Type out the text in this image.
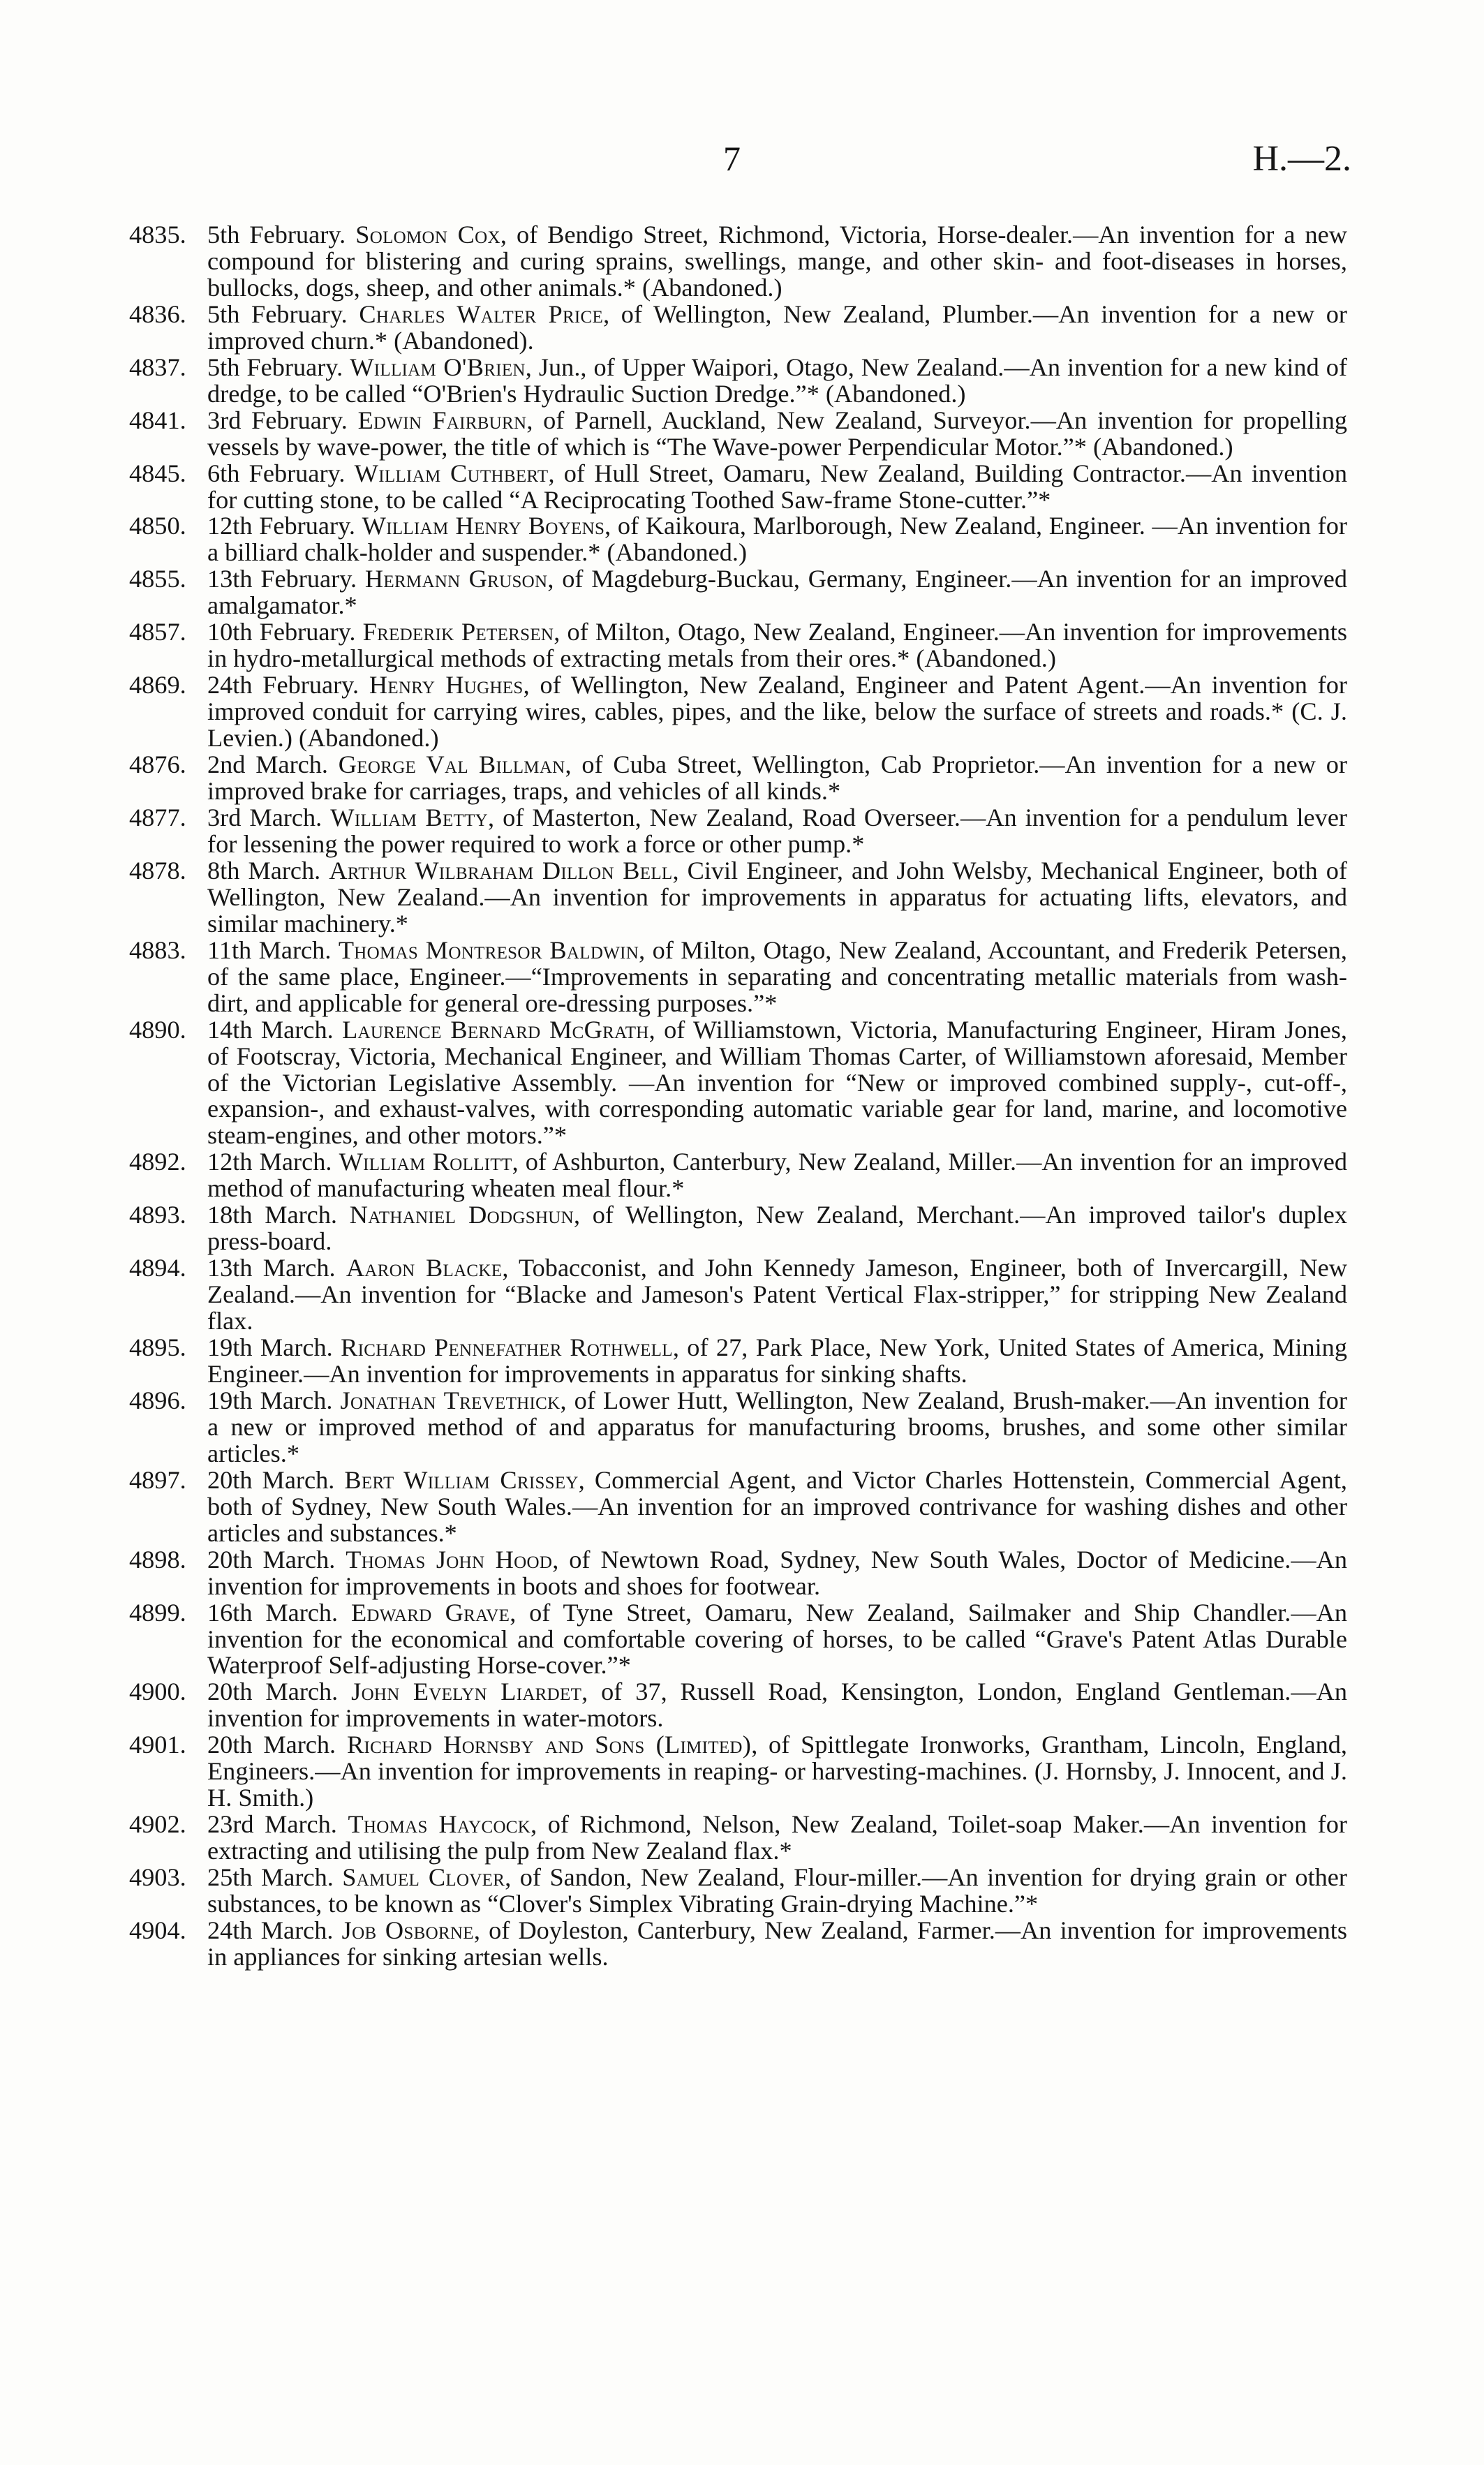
7	H.—2.
4835. 5th February. Solomon Cox, of Bendigo Street, Richmond, Victoria, Horse-dealer.—An invention for a new compound for blistering and curing sprains, swellings, mange, and other skin- and foot-diseases in horses, bullocks, dogs, sheep, and other animals.* (Abandoned.)
4836. 5th February. Charles Walter Price, of Wellington, New Zealand, Plumber.—An invention for a new or improved churn.* (Abandoned).
4837. 5th February. William O'Brien, Jun., of Upper Waipori, Otago, New Zealand.—An invention for a new kind of dredge, to be called “O'Brien's Hydraulic Suction Dredge.”* (Abandoned.)
4841. 3rd February. Edwin Fairburn, of Parnell, Auckland, New Zealand, Surveyor.—An invention for propelling vessels by wave-power, the title of which is “The Wave-power Perpendicular Motor.”* (Abandoned.)
4845. 6th February. William Cuthbert, of Hull Street, Oamaru, New Zealand, Building Contractor.—An invention for cutting stone, to be called “A Reciprocating Toothed Saw-frame Stone-cutter.”*
4850. 12th February. William Henry Boyens, of Kaikoura, Marlborough, New Zealand, Engineer. —An invention for a billiard chalk-holder and suspender.* (Abandoned.)
4855. 13th February. Hermann Gruson, of Magdeburg-Buckau, Germany, Engineer.—An invention for an improved amalgamator.*
4857. 10th February. Frederik Petersen, of Milton, Otago, New Zealand, Engineer.—An invention for improvements in hydro-metallurgical methods of extracting metals from their ores.* (Abandoned.)
4869. 24th February. Henry Hughes, of Wellington, New Zealand, Engineer and Patent Agent.—An invention for improved conduit for carrying wires, cables, pipes, and the like, below the surface of streets and roads.* (C. J. Levien.) (Abandoned.)
4876. 2nd March. George Val Billman, of Cuba Street, Wellington, Cab Proprietor.—An invention for a new or improved brake for carriages, traps, and vehicles of all kinds.*
4877. 3rd March. William Betty, of Masterton, New Zealand, Road Overseer.—An invention for a pendulum lever for lessening the power required to work a force or other pump.*
4878. 8th March. Arthur Wilbraham Dillon Bell, Civil Engineer, and John Welsby, Mechanical Engineer, both of Wellington, New Zealand.—An invention for improvements in apparatus for actuating lifts, elevators, and similar machinery.*
4883. 11th March. Thomas Montresor Baldwin, of Milton, Otago, New Zealand, Accountant, and Frederik Petersen, of the same place, Engineer.—“Improvements in separating and concentrating metallic materials from wash-dirt, and applicable for general ore-dressing purposes.”*
4890. 14th March. Laurence Bernard McGrath, of Williamstown, Victoria, Manufacturing Engineer, Hiram Jones, of Footscray, Victoria, Mechanical Engineer, and William Thomas Carter, of Williamstown aforesaid, Member of the Victorian Legislative Assembly. —An invention for “New or improved combined supply-, cut-off-, expansion-, and exhaust-valves, with corresponding automatic variable gear for land, marine, and locomotive steam-engines, and other motors.”*
4892. 12th March. William Rollitt, of Ashburton, Canterbury, New Zealand, Miller.—An invention for an improved method of manufacturing wheaten meal flour.*
4893. 18th March. Nathaniel Dodgshun, of Wellington, New Zealand, Merchant.—An improved tailor's duplex press-board.
4894. 13th March. Aaron Blacke, Tobacconist, and John Kennedy Jameson, Engineer, both of Invercargill, New Zealand.—An invention for “Blacke and Jameson's Patent Vertical Flax-stripper,” for stripping New Zealand flax.
4895. 19th March. Richard Pennefather Rothwell, of 27, Park Place, New York, United States of America, Mining Engineer.—An invention for improvements in apparatus for sinking shafts.
4896. 19th March. Jonathan Trevethick, of Lower Hutt, Wellington, New Zealand, Brush-maker.—An invention for a new or improved method of and apparatus for manufacturing brooms, brushes, and some other similar articles.*
4897. 20th March. Bert William Crissey, Commercial Agent, and Victor Charles Hottenstein, Commercial Agent, both of Sydney, New South Wales.—An invention for an improved contrivance for washing dishes and other articles and substances.*
4898. 20th March. Thomas John Hood, of Newtown Road, Sydney, New South Wales, Doctor of Medicine.—An invention for improvements in boots and shoes for footwear.
4899. 16th March. Edward Grave, of Tyne Street, Oamaru, New Zealand, Sailmaker and Ship Chandler.—An invention for the economical and comfortable covering of horses, to be called “Grave's Patent Atlas Durable Waterproof Self-adjusting Horse-cover.”*
4900. 20th March. John Evelyn Liardet, of 37, Russell Road, Kensington, London, England Gentleman.—An invention for improvements in water-motors.
4901. 20th March. Richard Hornsby and Sons (Limited), of Spittlegate Ironworks, Grantham, Lincoln, England, Engineers.—An invention for improvements in reaping- or harvesting-machines. (J. Hornsby, J. Innocent, and J. H. Smith.)
4902. 23rd March. Thomas Haycock, of Richmond, Nelson, New Zealand, Toilet-soap Maker.—An invention for extracting and utilising the pulp from New Zealand flax.*
4903. 25th March. Samuel Clover, of Sandon, New Zealand, Flour-miller.—An invention for drying grain or other substances, to be known as “Clover's Simplex Vibrating Grain-drying Machine.”*
4904. 24th March. Job Osborne, of Doyleston, Canterbury, New Zealand, Farmer.—An invention for improvements in appliances for sinking artesian wells.
